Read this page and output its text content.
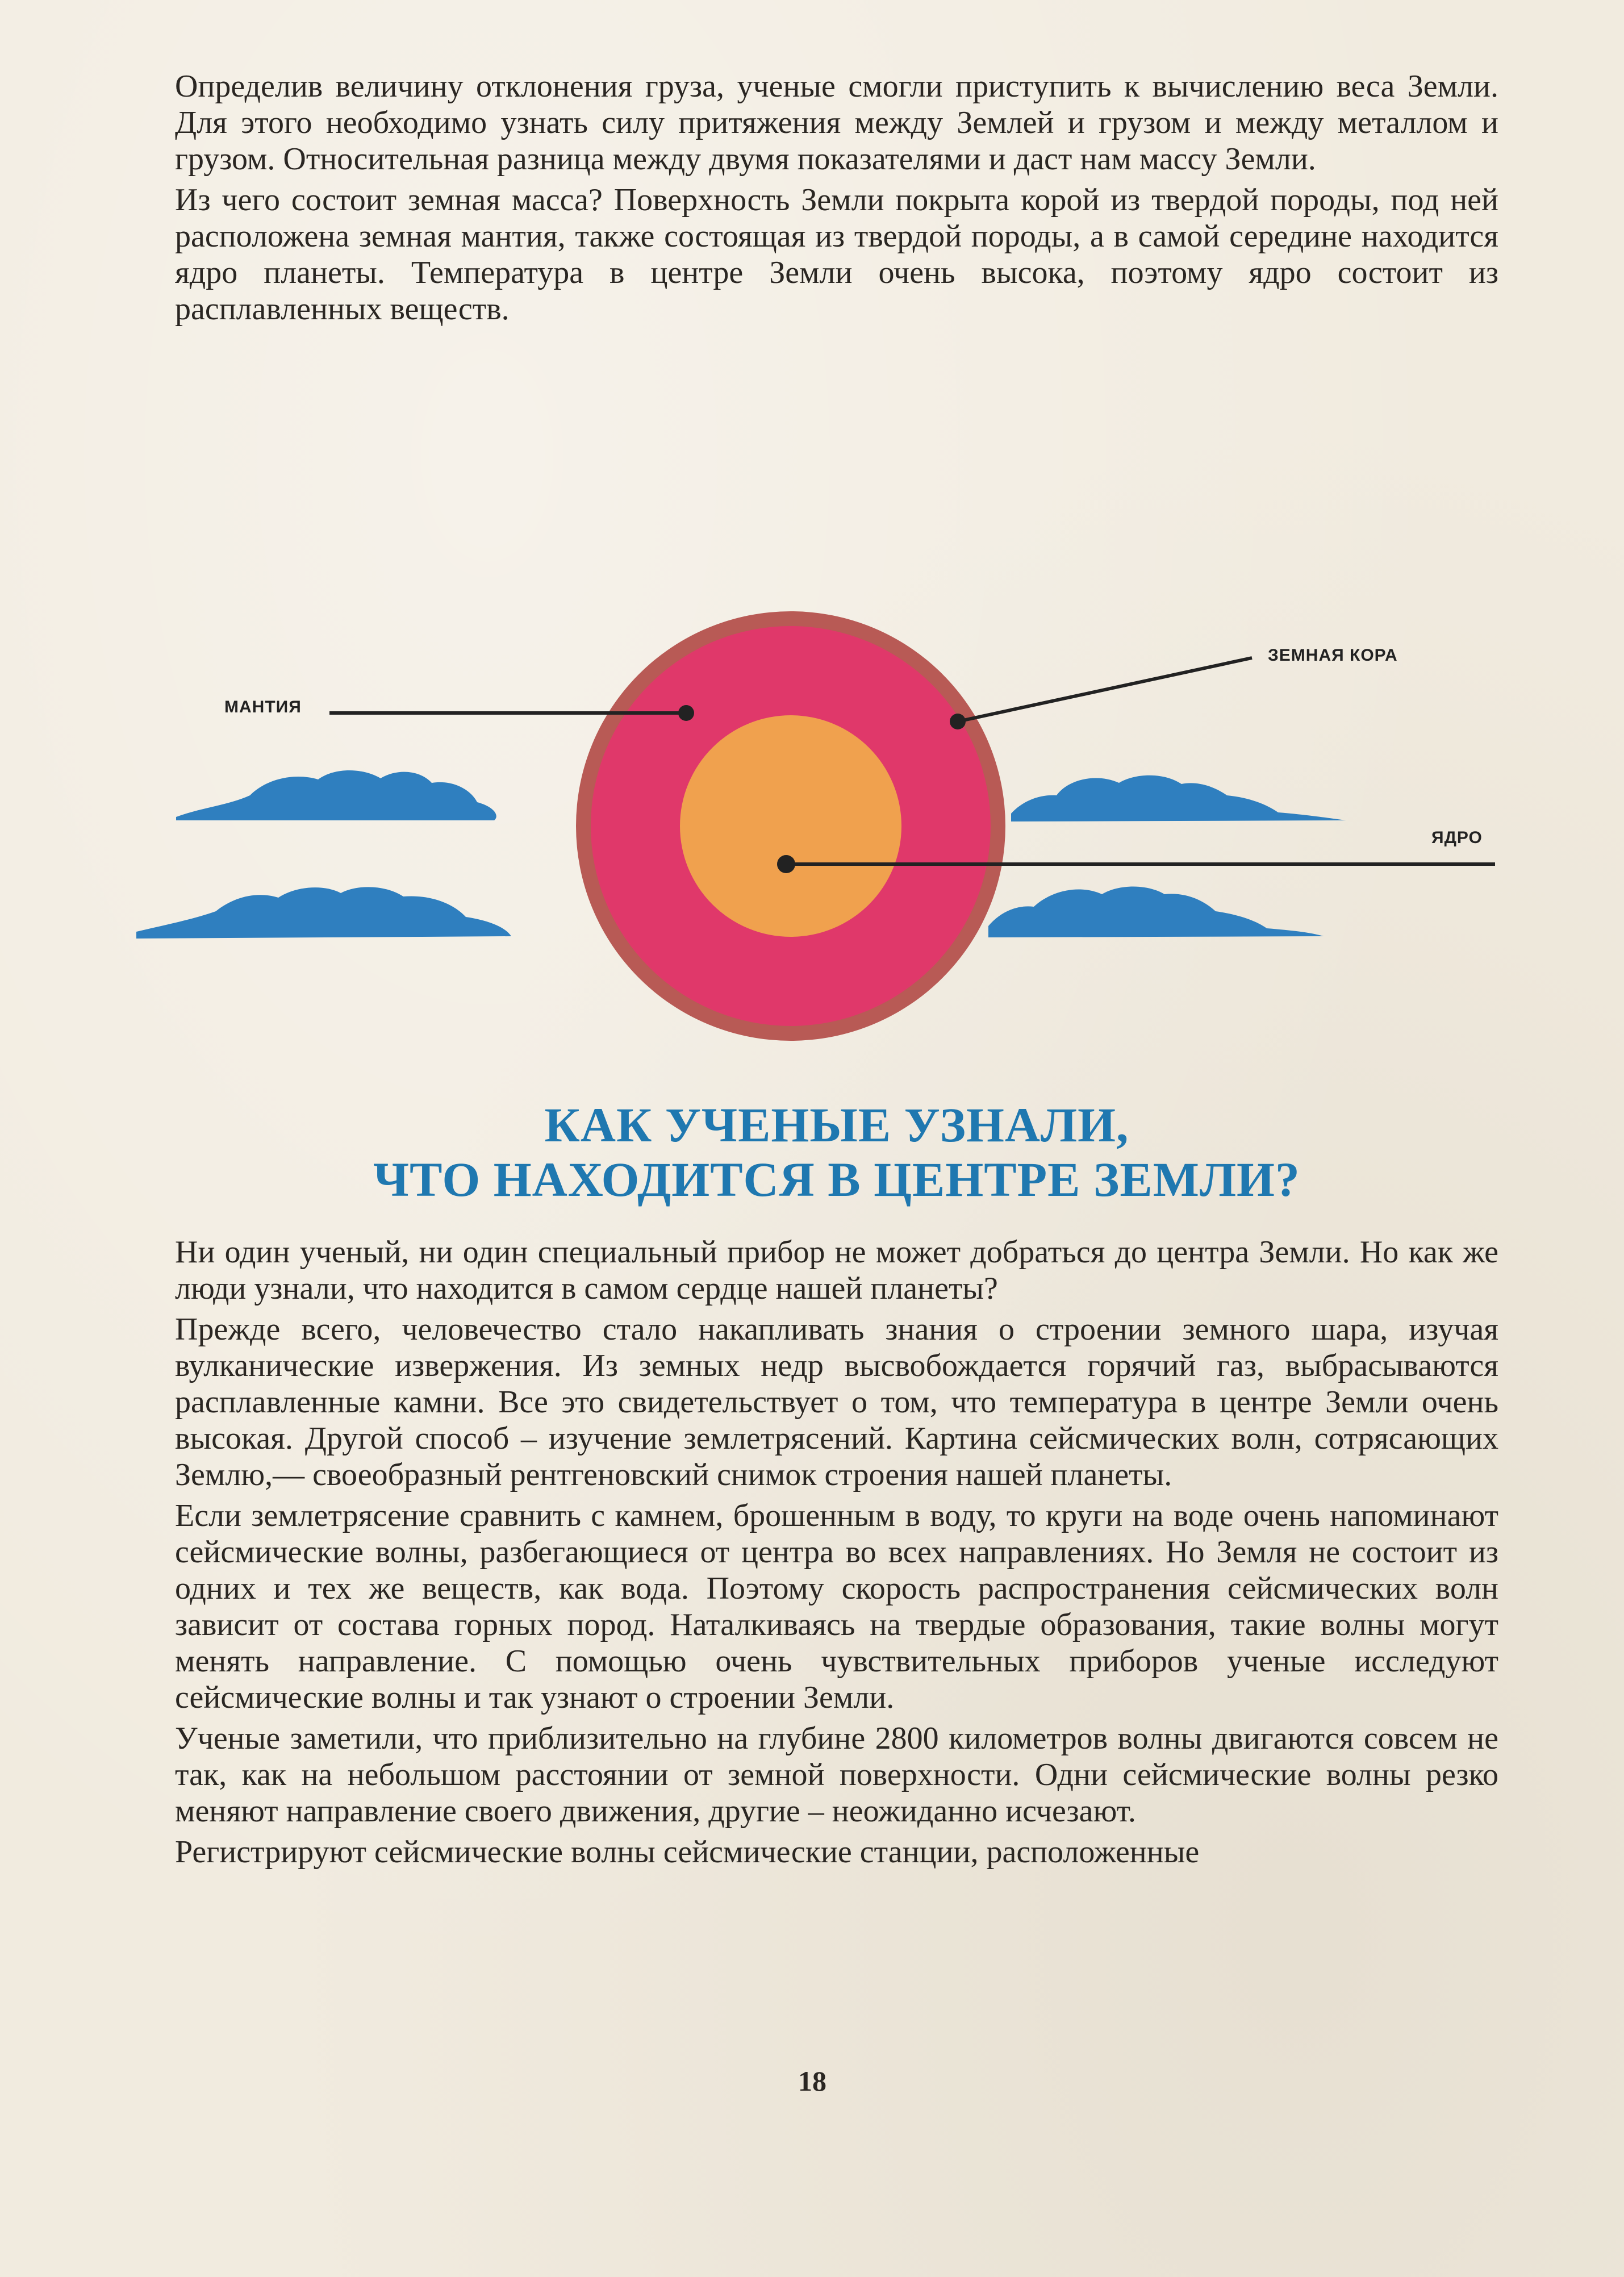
Определив величину отклонения груза, ученые смогли приступить к вычислению веса Земли. Для этого необходимо узнать силу притяжения между Землей и грузом и между металлом и грузом. Относительная разница между двумя показателями и даст нам массу Земли.

Из чего состоит земная масса? Поверхность Земли покрыта корой из твердой породы, под ней расположена земная мантия, также состоящая из твердой породы, а в самой середине находится ядро планеты. Температура в центре Земли очень высока, поэтому ядро состоит из расплавленных веществ.

МАНТИЯ
ЗЕМНАЯ КОРА
ЯДРО
КАК УЧЕНЫЕ УЗНАЛИ,
ЧТО НАХОДИТСЯ В ЦЕНТРЕ ЗЕМЛИ?

Ни один ученый, ни один специальный прибор не может добраться до центра Земли. Но как же люди узнали, что находится в самом сердце нашей планеты?

Прежде всего, человечество стало накапливать знания о строении земного шара, изучая вулканические извержения. Из земных недр высвобождается горячий газ, выбрасываются расплавленные камни. Все это свидетельствует о том, что температура в центре Земли очень высокая. Другой способ – изучение землетрясений. Картина сейсмических волн, сотрясающих Землю,— своеобразный рентгеновский снимок строения нашей планеты.

Если землетрясение сравнить с камнем, брошенным в воду, то круги на воде очень напоминают сейсмические волны, разбегающиеся от центра во всех направлениях. Но Земля не состоит из одних и тех же веществ, как вода. Поэтому скорость распространения сейсмических волн зависит от состава горных пород. Наталкиваясь на твердые образования, такие волны могут менять направление. С помощью очень чувствительных приборов ученые исследуют сейсмические волны и так узнают о строении Земли.

Ученые заметили, что приблизительно на глубине 2800 километров волны двигаются совсем не так, как на небольшом расстоянии от земной поверхности. Одни сейсмические волны резко меняют направление своего движения, другие – неожиданно исчезают.

Регистрируют сейсмические волны сейсмические станции, расположенные

18
